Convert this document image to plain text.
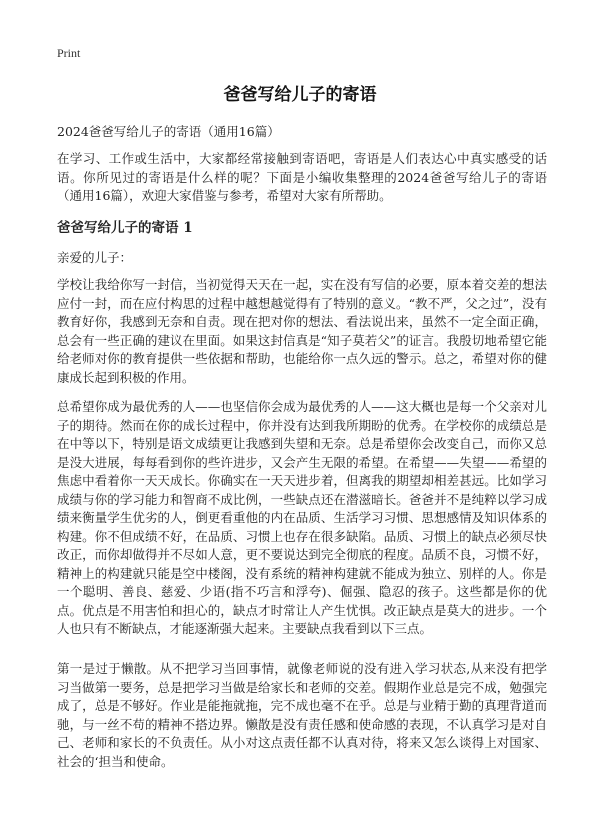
Print
爸爸写给儿子的寄语
2024爸爸写给儿子的寄语（通用16篇）

在学习、工作或生活中，大家都经常接触到寄语吧，寄语是人们表达心中真实感受的话语。你所见过的寄语是什么样的呢？下面是小编收集整理的2024爸爸写给儿子的寄语（通用16篇），欢迎大家借鉴与参考，希望对大家有所帮助。

爸爸写给儿子的寄语 1
亲爱的儿子：

学校让我给你写一封信，当初觉得天天在一起，实在没有写信的必要，原本着交差的想法应付一封，而在应付构思的过程中越想越觉得有了特别的意义。“教不严，父之过”，没有教育好你，我感到无奈和自责。现在把对你的想法、看法说出来，虽然不一定全面正确，总会有一些正确的建议在里面。如果这封信真是“知子莫若父”的证言。我殷切地希望它能给老师对你的教育提供一些依据和帮助，也能给你一点久远的警示。总之，希望对你的健康成长起到积极的作用。

总希望你成为最优秀的人——也坚信你会成为最优秀的人——这大概也是每一个父亲对儿子的期待。然而在你的成长过程中，你并没有达到我所期盼的优秀。在学校你的成绩总是在中等以下，特别是语文成绩更让我感到失望和无奈。总是希望你会改变自己，而你又总是没大进展，每每看到你的些许进步，又会产生无限的希望。在希望——失望——希望的焦虑中看着你一天天成长。你确实在一天天进步着，但离我的期望却相差甚远。比如学习成绩与你的学习能力和智商不成比例，一些缺点还在潜滋暗长。爸爸并不是纯粹以学习成绩来衡量学生优劣的人，倒更看重他的内在品质、生活学习习惯、思想感情及知识体系的构建。你不但成绩不好，在品质、习惯上也存在很多缺陷。品质、习惯上的缺点必须尽快改正，而你却做得并不尽如人意，更不要说达到完全彻底的程度。品质不良，习惯不好，精神上的构建就只能是空中楼阁，没有系统的精神构建就不能成为独立、别样的人。你是一个聪明、善良、慈爱、少语(指不巧言和浮夸)、倔强、隐忍的孩子。这些都是你的优点。优点是不用害怕和担心的，缺点才时常让人产生忧惧。改正缺点是莫大的进步。一个人也只有不断缺点，才能逐渐强大起来。主要缺点我看到以下三点。

第一是过于懒散。从不把学习当回事情，就像老师说的没有进入学习状态,从来没有把学习当做第一要务，总是把学习当做是给家长和老师的交差。假期作业总是完不成，勉强完成了，总是不够好。作业是能拖就拖，完不成也毫不在乎。总是与业精于勤的真理背道而驰，与一丝不苟的精神不搭边界。懒散是没有责任感和使命感的表现，不认真学习是对自己、老师和家长的不负责任。从小对这点责任都不认真对待，将来又怎么谈得上对国家、社会的‘担当和使命。
